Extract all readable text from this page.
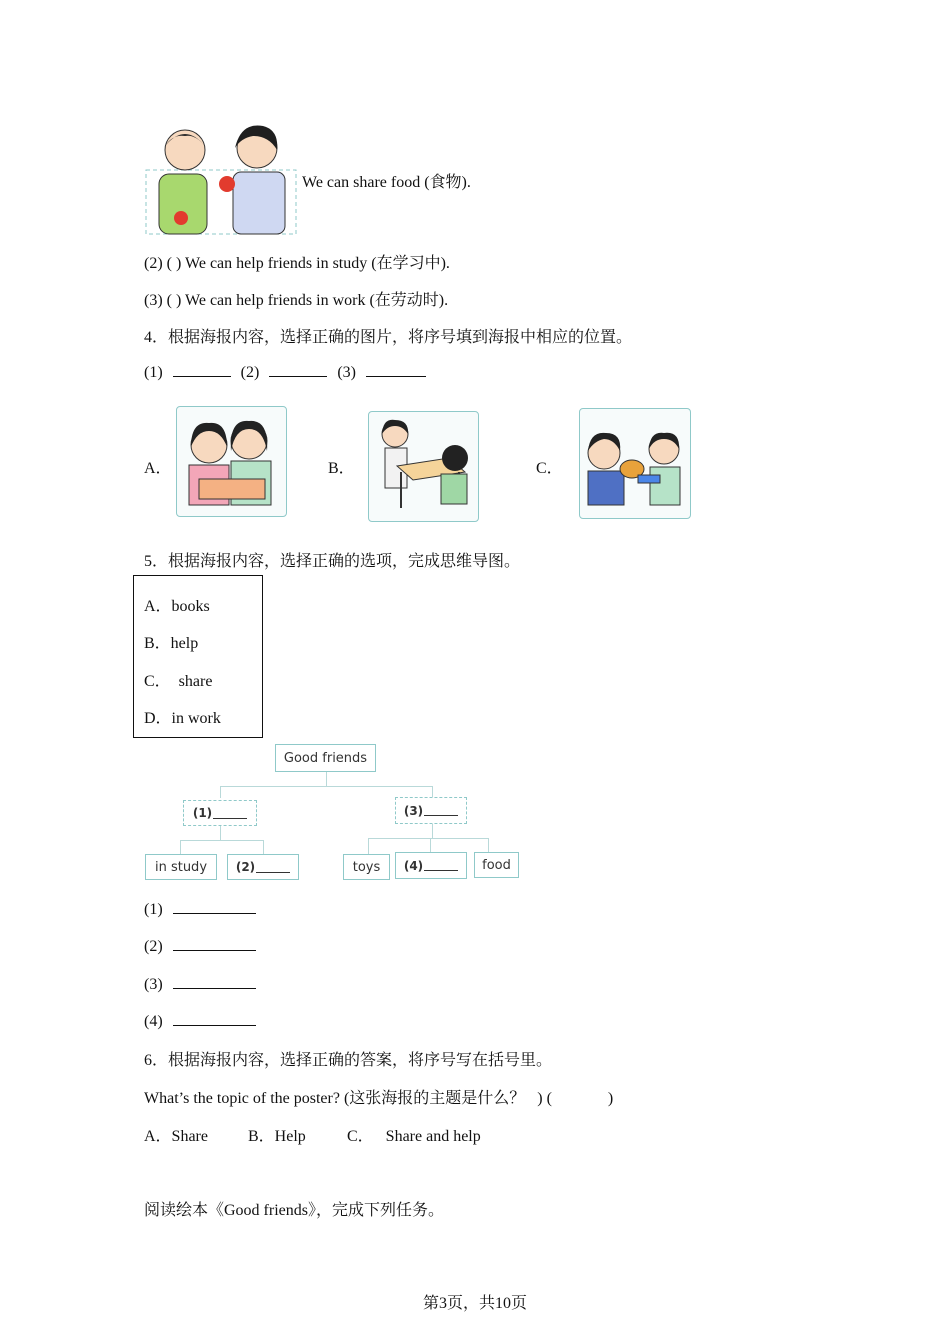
We can share food (食物).
(2) ( ) We can help friends in study (在学习中).
(3) ( ) We can help friends in work (在劳动时).
4．根据海报内容，选择正确的图片，将序号填到海报中相应的位置。
(1)	(2)	(3)
A．	B．	C．
5．根据海报内容，选择正确的选项，完成思维导图。
A．books
B．help
C．  share
D．in work
Good friends
(1)	(3)
in study	(2)	toys	(4)	food
(1)
(2)
(3)
(4)
6．根据海报内容，选择正确的答案，将序号写在括号里。
What’s the topic of the poster? (这张海报的主题是什么？   ) (              )
A．Share	B．Help	C．   Share and help
阅读绘本《Good friends》，完成下列任务。
第3页，共10页
